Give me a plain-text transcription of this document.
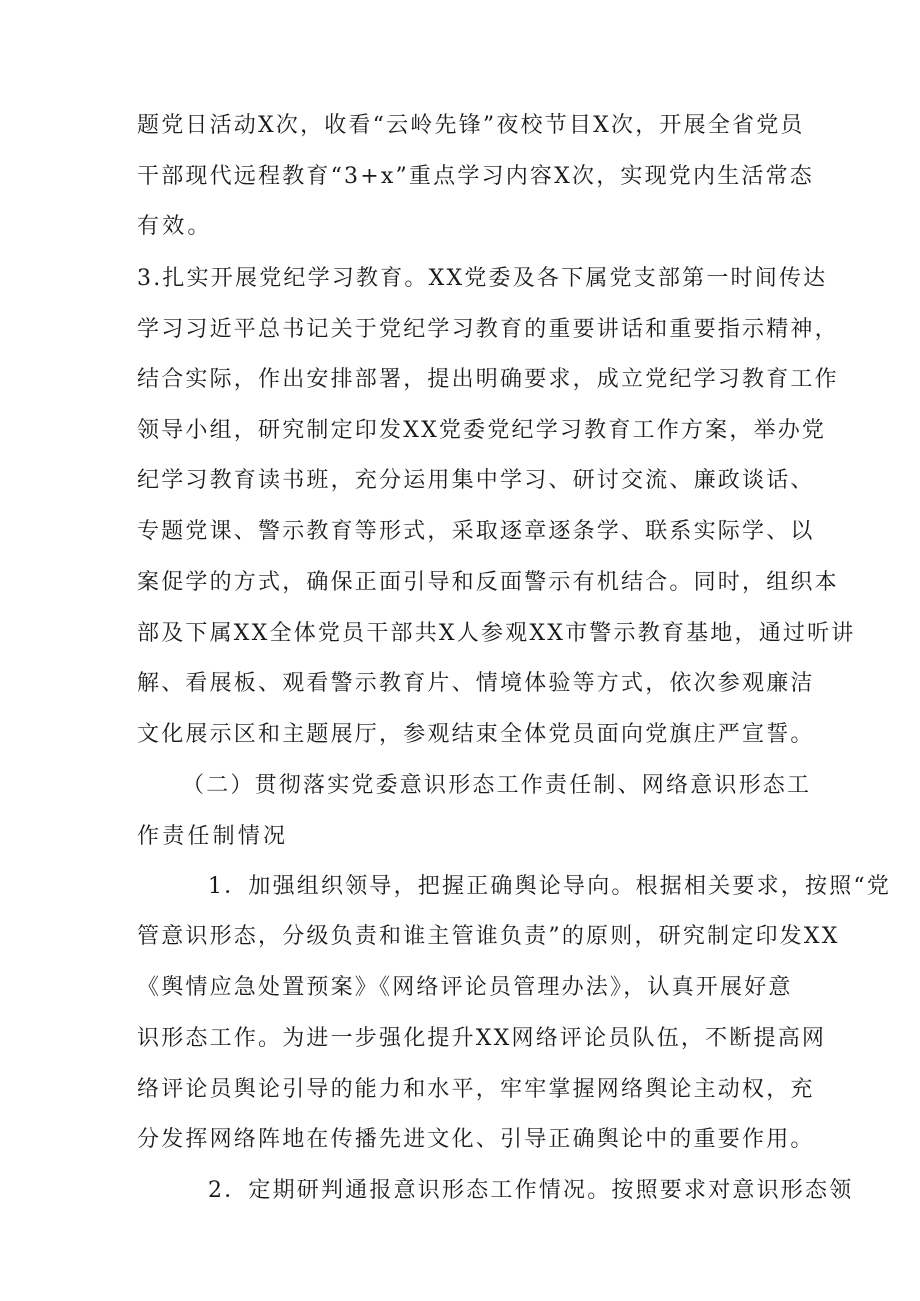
题党日活动X次，收看“云岭先锋”夜校节目X次，开展全省党员
干部现代远程教育“3+x”重点学习内容X次，实现党内生活常态
有效。
3.扎实开展党纪学习教育。XX党委及各下属党支部第一时间传达
学习习近平总书记关于党纪学习教育的重要讲话和重要指示精神，
结合实际，作出安排部署，提出明确要求，成立党纪学习教育工作
领导小组，研究制定印发XX党委党纪学习教育工作方案，举办党
纪学习教育读书班，充分运用集中学习、研讨交流、廉政谈话、
专题党课、警示教育等形式，采取逐章逐条学、联系实际学、以
案促学的方式，确保正面引导和反面警示有机结合。同时，组织本
部及下属XX全体党员干部共X人参观XX市警示教育基地，通过听讲
解、看展板、观看警示教育片、情境体验等方式，依次参观廉洁
文化展示区和主题展厅，参观结束全体党员面向党旗庄严宣誓。
（二）贯彻落实党委意识形态工作责任制、网络意识形态工
作责任制情况
1．加强组织领导，把握正确舆论导向。根据相关要求，按照“党
管意识形态，分级负责和谁主管谁负责”的原则，研究制定印发XX
《舆情应急处置预案》《网络评论员管理办法》，认真开展好意
识形态工作。为进一步强化提升XX网络评论员队伍，不断提高网
络评论员舆论引导的能力和水平，牢牢掌握网络舆论主动权，充
分发挥网络阵地在传播先进文化、引导正确舆论中的重要作用。
2．定期研判通报意识形态工作情况。按照要求对意识形态领
